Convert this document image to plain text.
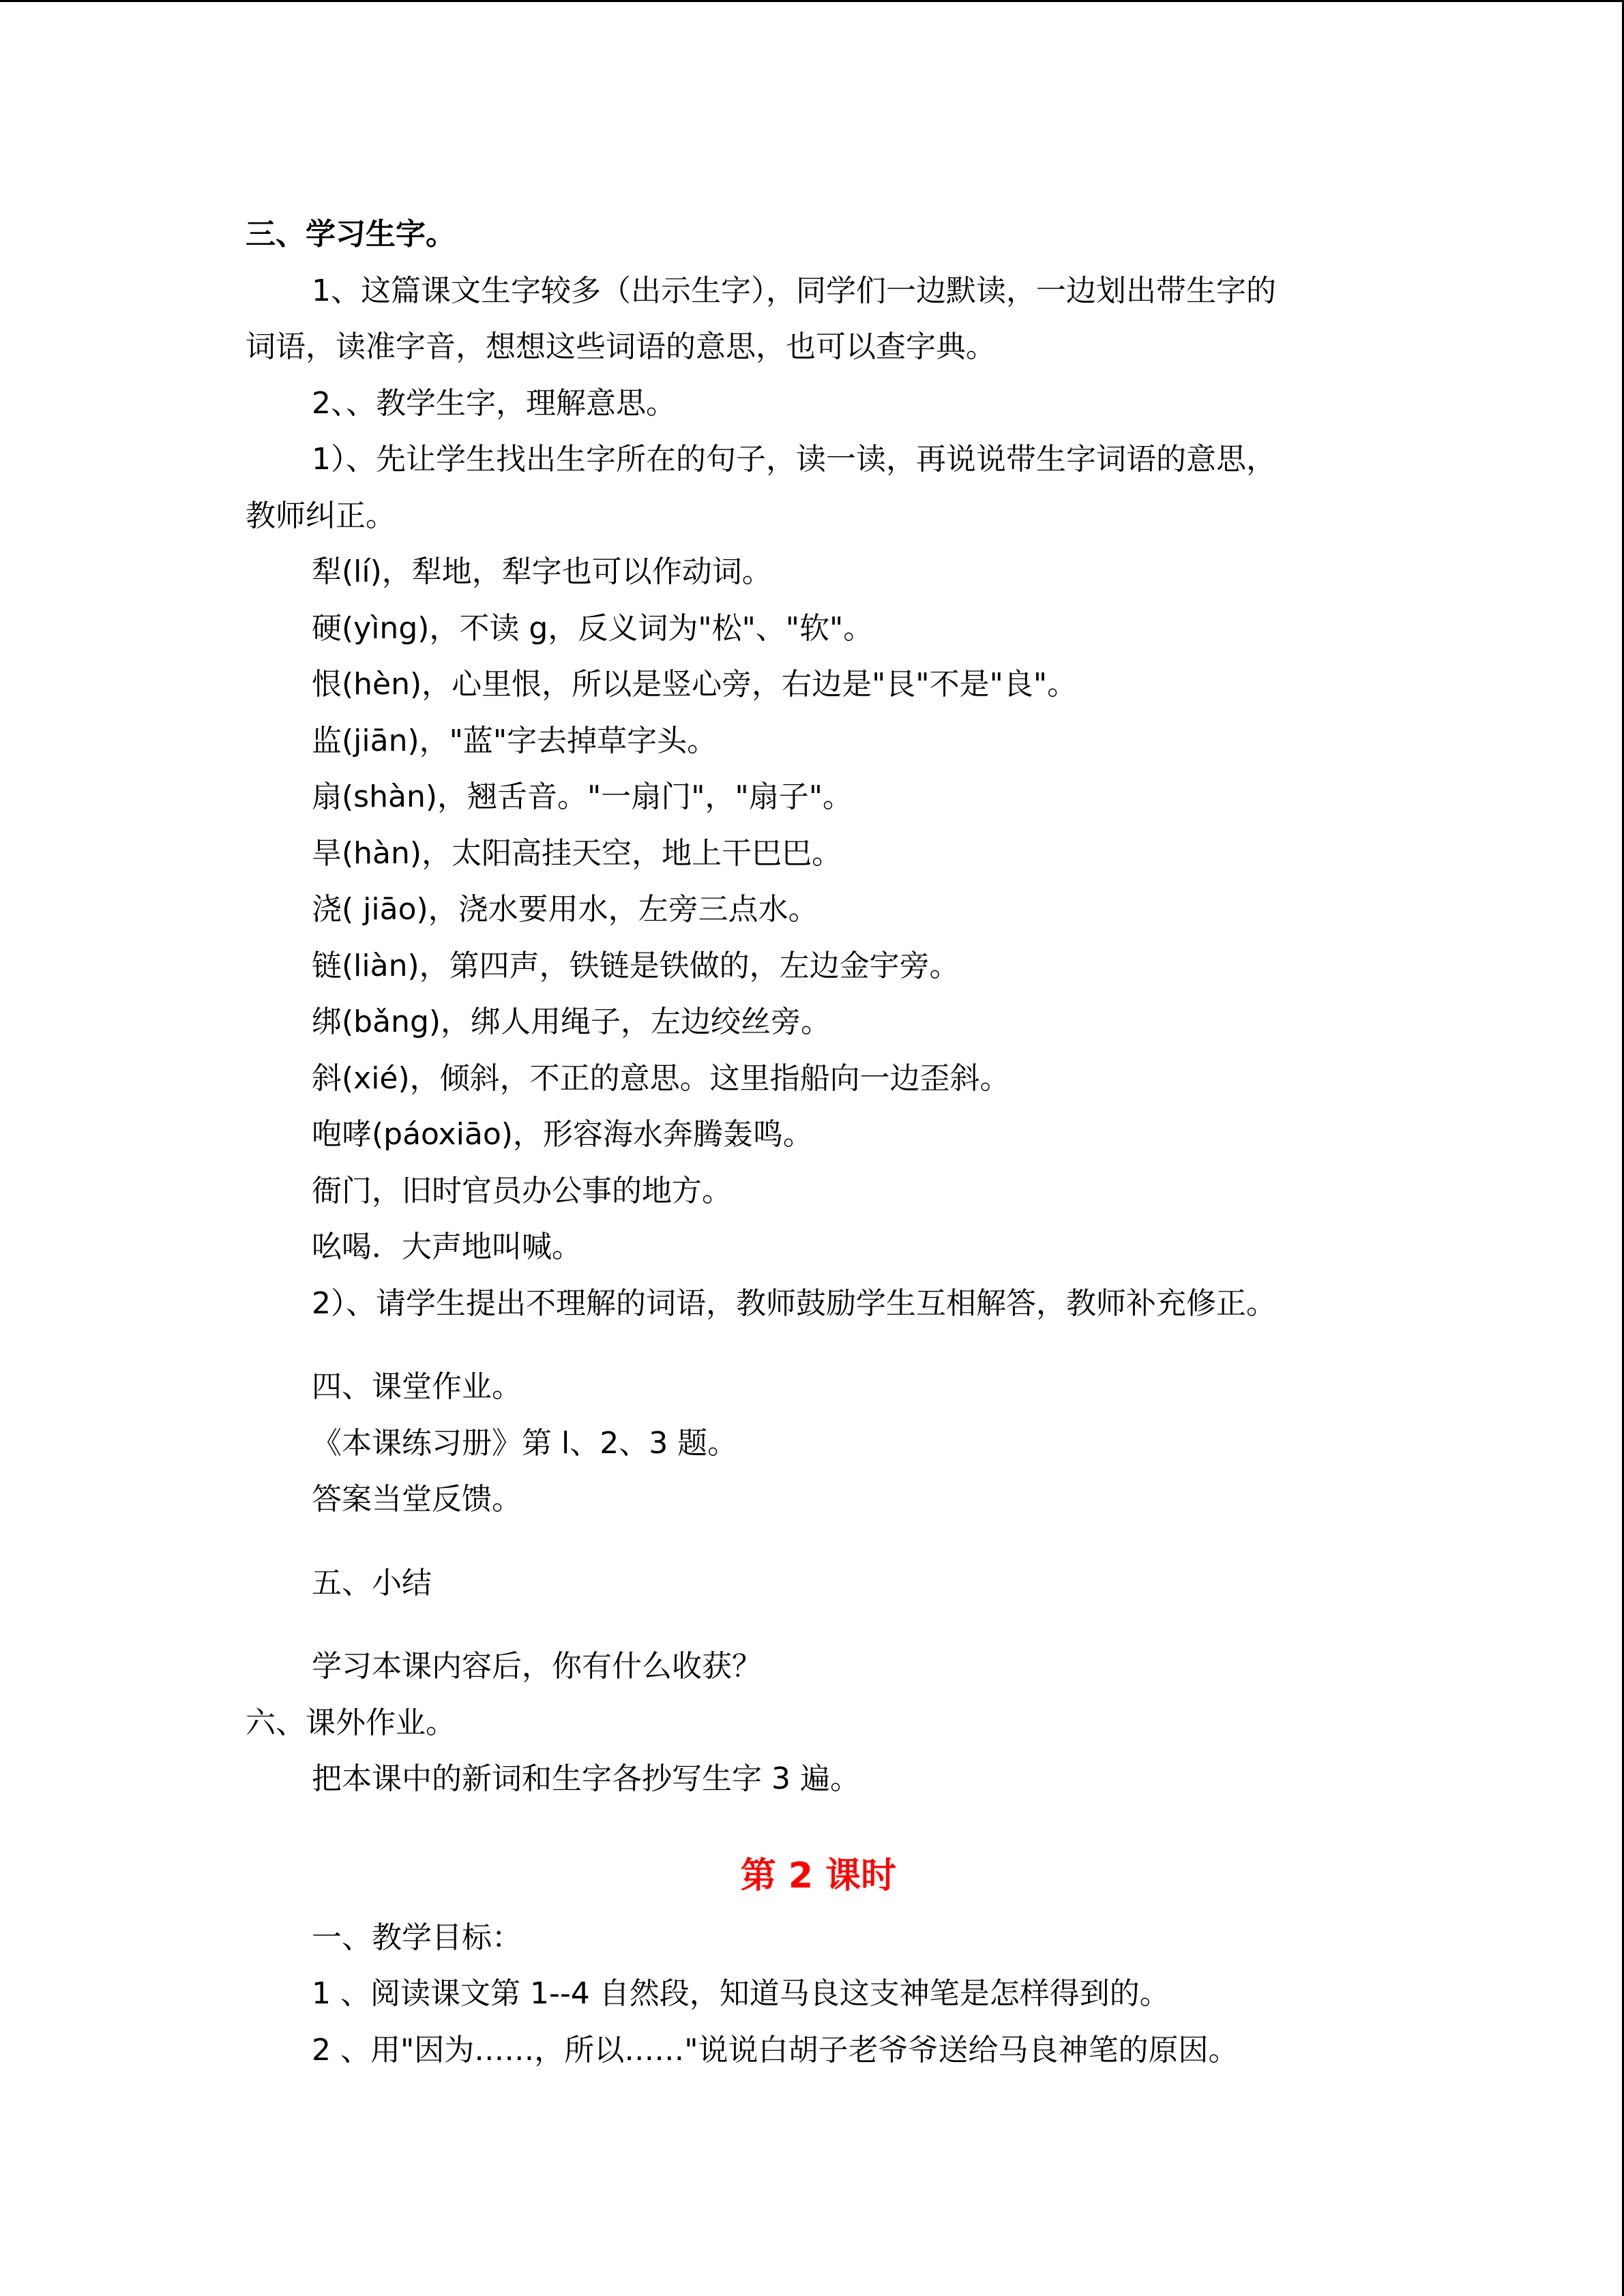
三、学习生字。
1、这篇课文生字较多（出示生字），同学们一边默读，一边划出带生字的
词语，读准字音，想想这些词语的意思，也可以查字典。
2、、教学生字，理解意思。
1）、先让学生找出生字所在的句子，读一读，再说说带生字词语的意思，
教师纠正。
犁(lí)，犁地，犁字也可以作动词。
硬(yìng)，不读 g，反义词为"松"、"软"。
恨(hèn)，心里恨，所以是竖心旁，右边是"艮"不是"良"。
监(jiān)，"蓝"字去掉草字头。
扇(shàn)，翘舌音。"一扇门"，"扇子"。
旱(hàn)，太阳高挂天空，地上干巴巴。
浇( jiāo)，浇水要用水，左旁三点水。
链(liàn)，第四声，铁链是铁做的，左边金宇旁。
绑(bǎng)，绑人用绳子，左边绞丝旁。
斜(xié)，倾斜，不正的意思。这里指船向一边歪斜。
咆哮(páoxiāo)，形容海水奔腾轰鸣。
衙门，旧时官员办公事的地方。
吆喝．大声地叫喊。
2）、请学生提出不理解的词语，教师鼓励学生互相解答，教师补充修正。
四、课堂作业。
《本课练习册》第 l、2、3 题。
答案当堂反馈。
五、小结
学习本课内容后，你有什么收获？
六、课外作业。
把本课中的新词和生字各抄写生字 3 遍。
第 2 课时
一、教学目标：
1 、阅读课文第 1--4 自然段，知道马良这支神笔是怎样得到的。
2 、用"因为……，所以……"说说白胡子老爷爷送给马良神笔的原因。
